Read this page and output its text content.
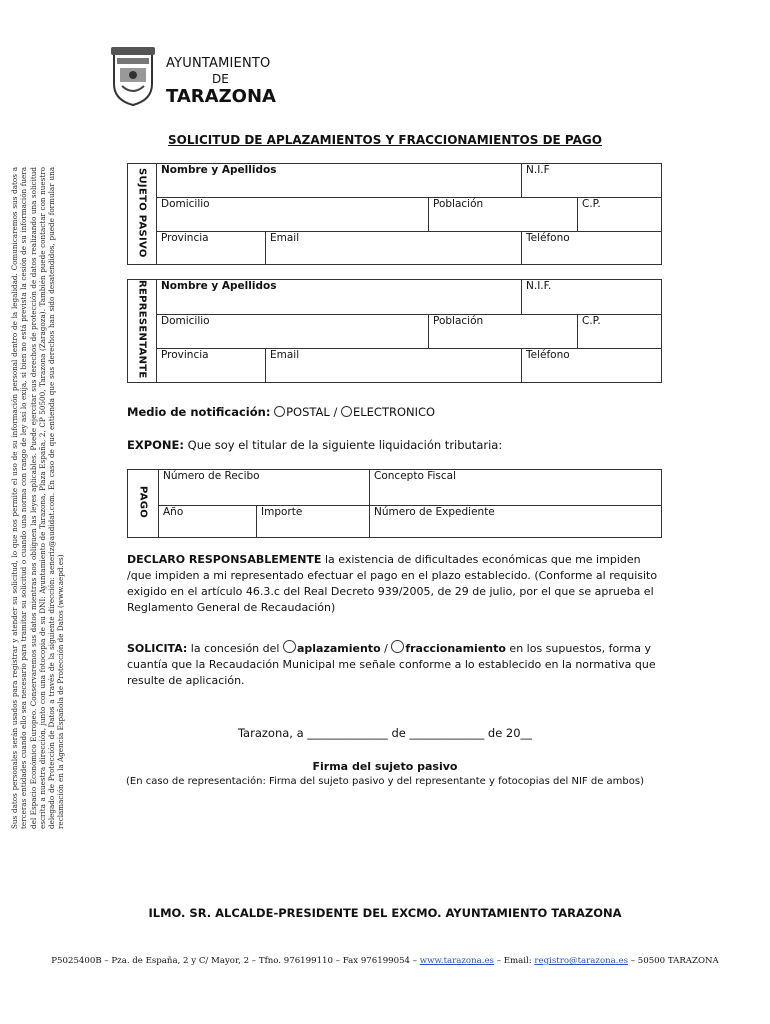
AYUNTAMIENTO
DE
TARAZONA
SOLICITUD DE APLAZAMIENTOS Y FRACCIONAMIENTOS DE PAGO
Sus datos personales serán usados para registrar y atender su solicitud, lo que nos permite el uso de su información personal dentro de la legalidad. Comunicaremos sus datos a terceras entidades cuando ello sea necesario para tramitar su solicitud o cuando una norma con rango de ley así lo exija, si bien no está prevista la cesión de su información fuera del Espacio Económico Europeo. Conservaremos sus datos mientras nos obliguen las leyes aplicables. Puede ejercitar sus derechos de protección de datos realizando una solicitud escrita a nuestra dirección, junto con una fotocopia de su DNI: Ayuntamiento de Tarazona, Plaza España, 2, CP 50500, Tarazona (Zaragoza). También puede contactar con nuestro delegado de Protección de Datos a través de la siguiente dirección: aeneriz@audidat.com. En caso de que entienda que sus derechos han sido desatendidos, puede formular una reclamación en la Agencia Española de Protección de Datos (www.aepd.es)
SUJETO PASIVO	Nombre y Apellidos			N.I.F	
	Domicilio		Población		C.P.
	Provincia	Email		Teléfono	
REPRESENTANTE	Nombre y Apellidos			N.I.F.	
	Domicilio		Población		C.P.
	Provincia	Email		Teléfono	
Medio de notificación: POSTAL / ELECTRONICO
EXPONE: Que soy el titular de la siguiente liquidación tributaria:
PAGO	Número de Recibo		Concepto Fiscal
	Año	Importe	Número de Expediente
DECLARO RESPONSABLEMENTE la existencia de dificultades económicas que me impiden /que impiden a mi representado efectuar el pago en el plazo establecido. (Conforme al requisito exigido en el artículo 46.3.c del Real Decreto 939/2005, de 29 de julio, por el que se aprueba el Reglamento General de Recaudación)
SOLICITA: la concesión del aplazamiento / fraccionamiento en los supuestos, forma y cuantía que la Recaudación Municipal me señale conforme a lo establecido en la normativa que resulte de aplicación.
Tarazona, a ______________ de _____________ de 20__
Firma del sujeto pasivo
(En caso de representación: Firma del sujeto pasivo y del representante y fotocopias del NIF de ambos)
ILMO. SR. ALCALDE-PRESIDENTE DEL EXCMO. AYUNTAMIENTO TARAZONA
P5025400B – Pza. de España, 2 y C/ Mayor, 2 – Tfno. 976199110 – Fax 976199054 – www.tarazona.es – Email: registro@tarazona.es – 50500 TARAZONA
